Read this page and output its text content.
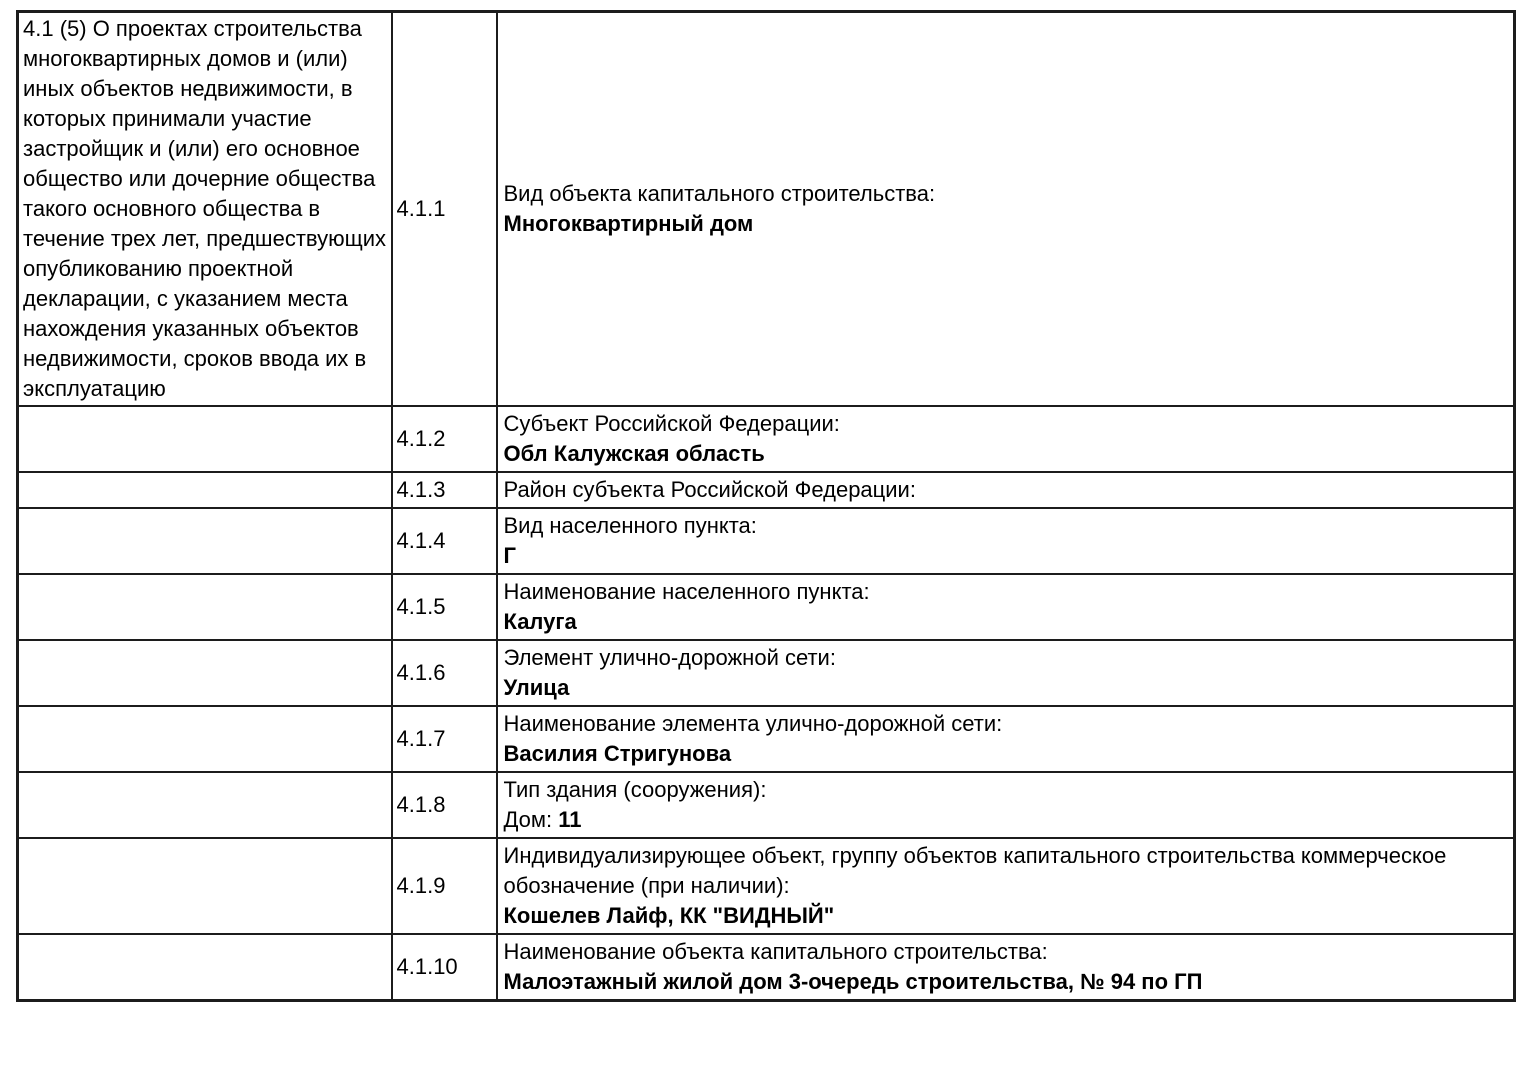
4.1 (5) О проектах строительства многоквартирных домов и (или) иных объектов недвижимости, в которых принимали участие застройщик и (или) его основное общество или дочерние общества такого основного общества в течение трех лет, предшествующих опубликованию проектной декларации, с указанием места нахождения указанных объектов недвижимости, сроков ввода их в эксплуатацию	4.1.1	Вид объекта капитального строительства:
Многоквартирный дом

	4.1.2	Субъект Российской Федерации:
Обл Калужская область

	4.1.3	Район субъекта Российской Федерации:

	4.1.4	Вид населенного пункта:
Г

	4.1.5	Наименование населенного пункта:
Калуга

	4.1.6	Элемент улично-дорожной сети:
Улица

	4.1.7	Наименование элемента улично-дорожной сети:
Василия Стригунова

	4.1.8	Тип здания (сооружения):
Дом: 11

	4.1.9	Индивидуализирующее объект, группу объектов капитального строительства коммерческое обозначение (при наличии):
Кошелев Лайф, КК "ВИДНЫЙ"

	4.1.10	Наименование объекта капитального строительства:
Малоэтажный жилой дом 3-очередь строительства, № 94 по ГП
